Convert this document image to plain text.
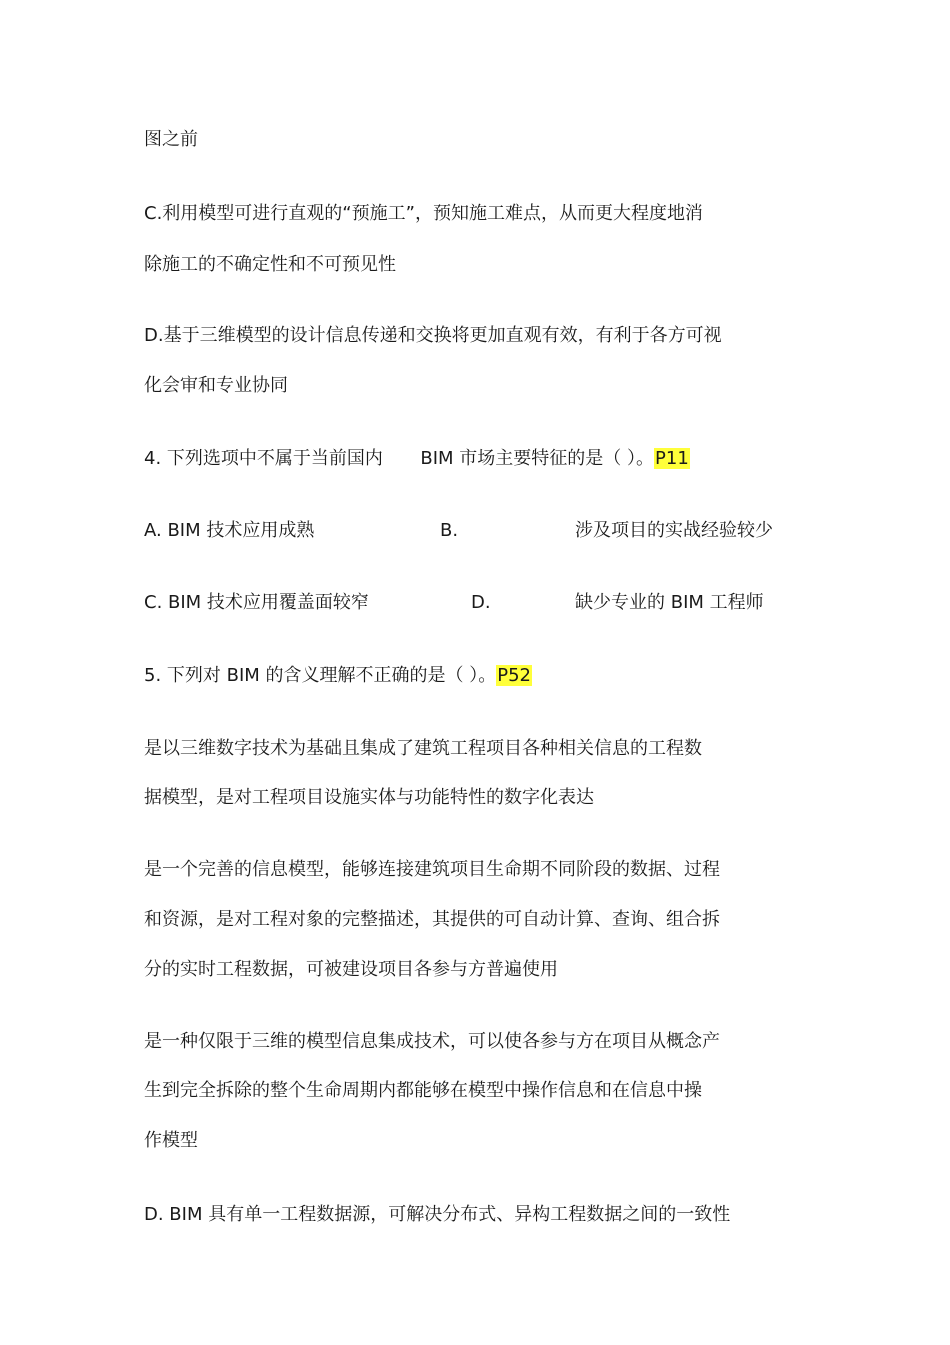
图之前
C.利用模型可进行直观的“预施工”，预知施工难点，从而更大程度地消
除施工的不确定性和不可预见性
D.基于三维模型的设计信息传递和交换将更加直观有效，有利于各方可视
化会审和专业协同
4. 下列选项中不属于当前国内 BIM 市场主要特征的是（ ）。P11
A. BIM 技术应用成熟	B.	涉及项目的实战经验较少
C. BIM 技术应用覆盖面较窄	D.	缺少专业的 BIM 工程师
5. 下列对 BIM 的含义理解不正确的是（ ）。P52
是以三维数字技术为基础且集成了建筑工程项目各种相关信息的工程数
据模型，是对工程项目设施实体与功能特性的数字化表达
是一个完善的信息模型，能够连接建筑项目生命期不同阶段的数据、过程
和资源，是对工程对象的完整描述，其提供的可自动计算、查询、组合拆
分的实时工程数据，可被建设项目各参与方普遍使用
是一种仅限于三维的模型信息集成技术，可以使各参与方在项目从概念产
生到完全拆除的整个生命周期内都能够在模型中操作信息和在信息中操
作模型
D. BIM 具有单一工程数据源，可解决分布式、异构工程数据之间的一致性
